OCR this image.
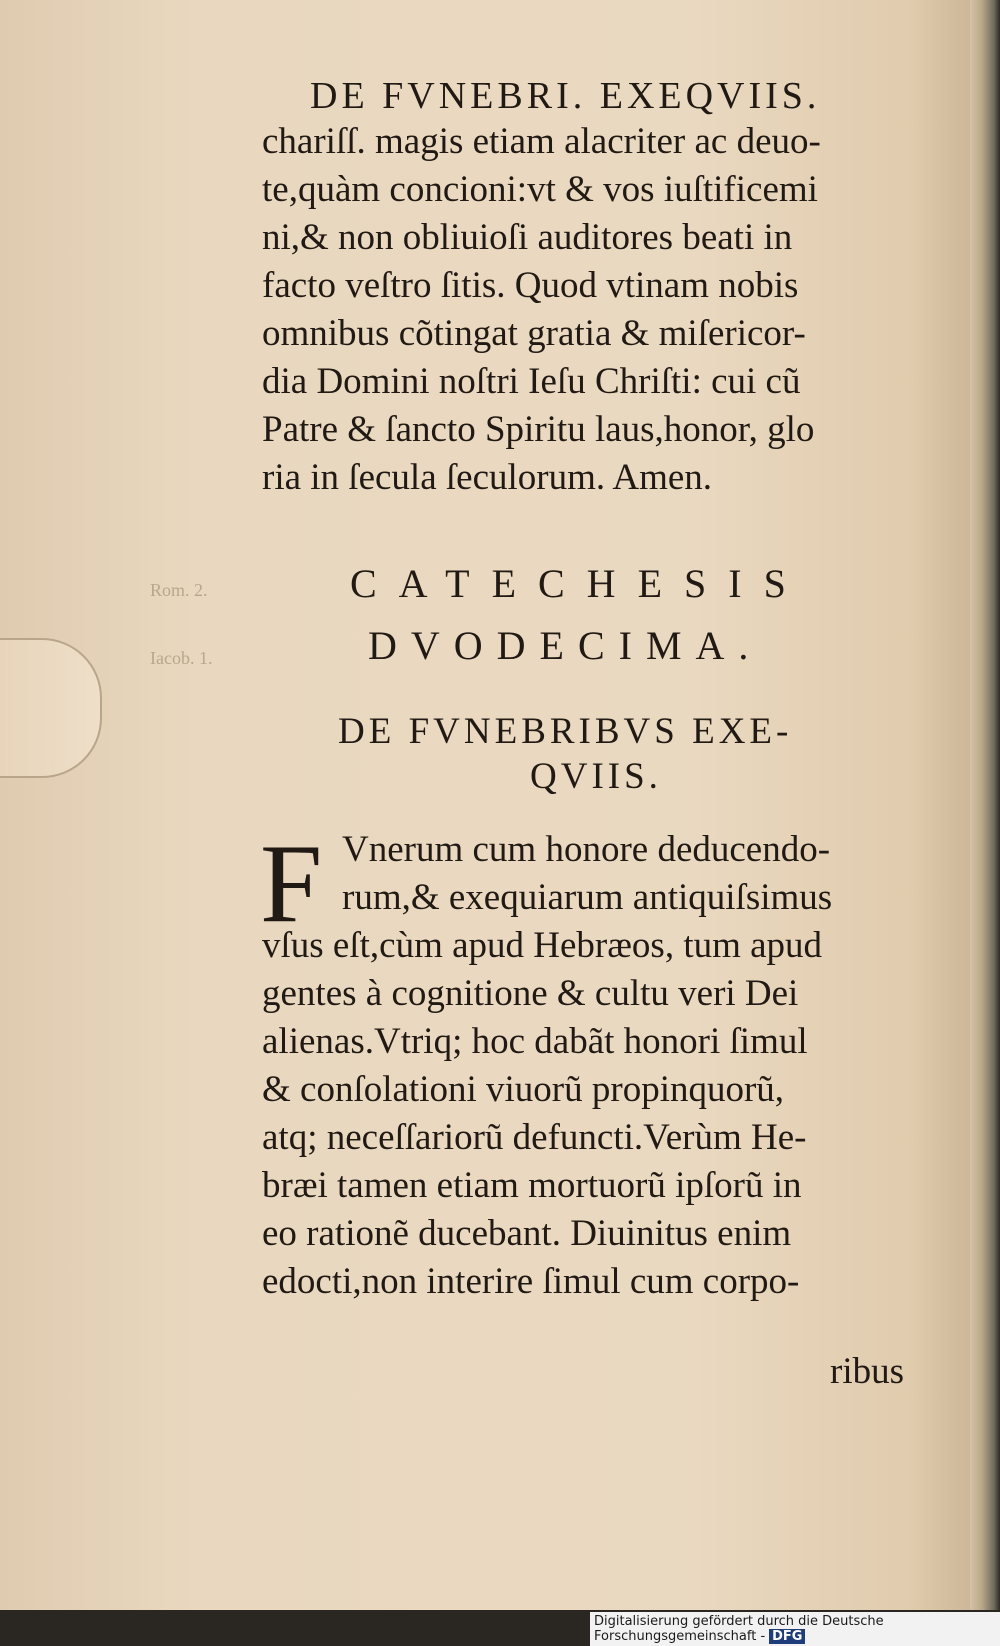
Rom. 2.
Iacob. 1.
DE FVNEBRI. EXEQVIIS.
chariſſ. magis etiam alacriter ac deuo-
te,quàm concioni:vt & vos iuſtificemi
ni,& non obliuioſi auditores beati in
facto veſtro ſitis. Quod vtinam nobis
omnibus cõtingat gratia & miſericor-
dia Domini noſtri Ieſu Chriſti: cui cũ
Patre & ſancto Spiritu laus,honor, glo
ria in ſecula ſeculorum. Amen.
CATECHESIS
DVODECIMA.
DE FVNEBRIBVS EXE-
QVIIS.
F Vnerum cum honore deducendo-
rum,& exequiarum antiquiſsimus
vſus eſt,cùm apud Hebræos, tum apud
gentes à cognitione & cultu veri Dei
alienas.Vtriq; hoc dabãt honori ſimul
& conſolationi viuorũ propinquorũ,
atq; neceſſariorũ defuncti.Verùm He-
bræi tamen etiam mortuorũ ipſorũ in
eo rationẽ ducebant. Diuinitus enim
edocti,non interire ſimul cum corpo-
ribus
Digitalisierung gefördert durch die Deutsche Forschungsgemeinschaft - DFG
